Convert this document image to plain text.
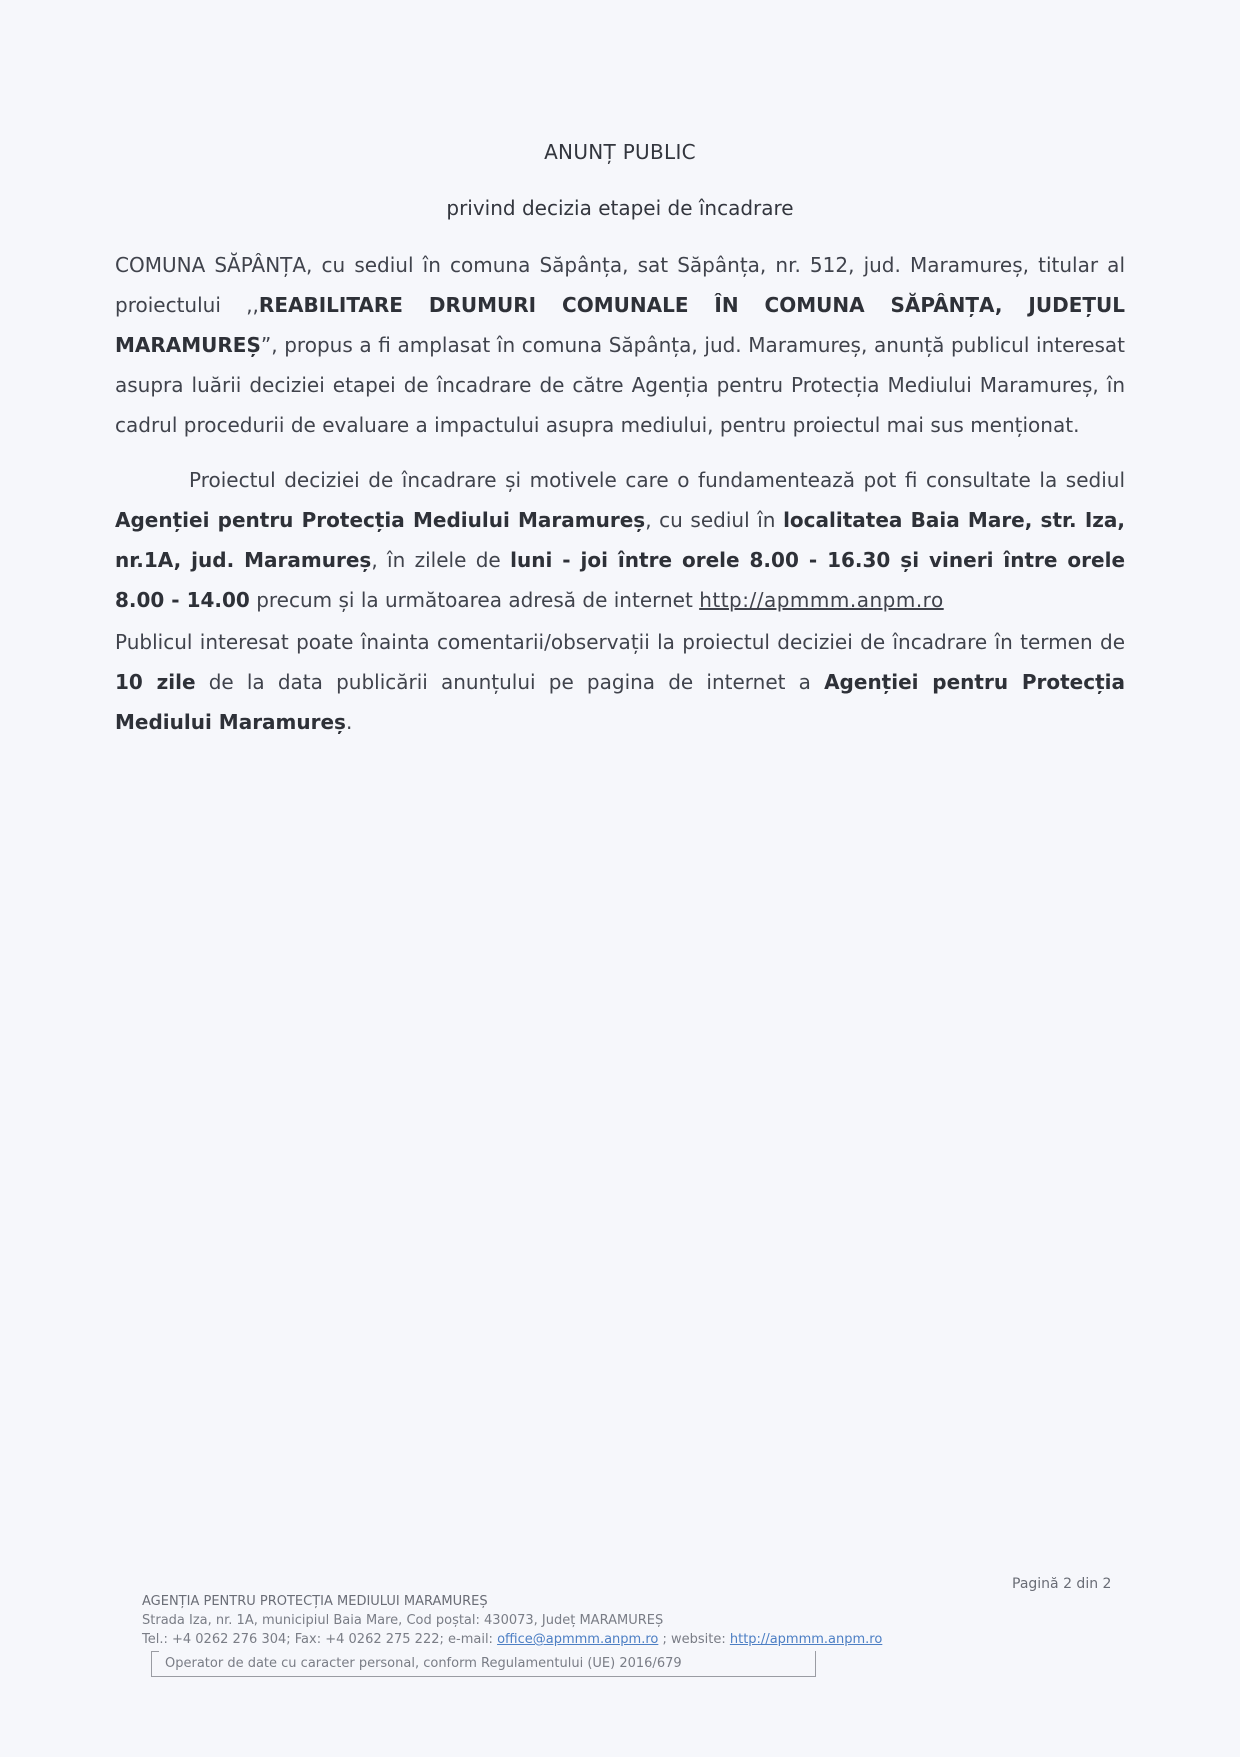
ANUNȚ PUBLIC
privind decizia etapei de încadrare
COMUNA SĂPÂNȚA, cu sediul în comuna Săpânța, sat Săpânța, nr. 512, jud. Maramureș, titular al proiectului ,,REABILITARE DRUMURI COMUNALE ÎN COMUNA SĂPÂNȚA, JUDEȚUL MARAMUREȘ”, propus a fi amplasat în comuna Săpânța, jud. Maramureș, anunță publicul interesat asupra luării deciziei etapei de încadrare de către Agenția pentru Protecția Mediului Maramureș, în cadrul procedurii de evaluare a impactului asupra mediului, pentru proiectul mai sus menționat.
Proiectul deciziei de încadrare și motivele care o fundamentează pot fi consultate la sediul Agenției pentru Protecția Mediului Maramureș, cu sediul în localitatea Baia Mare, str. Iza, nr.1A, jud. Maramureș, în zilele de luni - joi între orele 8.00 - 16.30 și vineri între orele 8.00 - 14.00 precum și la următoarea adresă de internet http://apmmm.anpm.ro
Publicul interesat poate înainta comentarii/observații la proiectul deciziei de încadrare în termen de 10 zile de la data publicării anunțului pe pagina de internet a Agenției pentru Protecția Mediului Maramureș.
Pagină 2 din 2
AGENȚIA PENTRU PROTECȚIA MEDIULUI MARAMUREȘ
Strada Iza, nr. 1A, municipiul Baia Mare, Cod poștal: 430073, Județ MARAMUREȘ
Tel.: +4 0262 276 304; Fax: +4 0262 275 222; e-mail: office@apmmm.anpm.ro ; website: http://apmmm.anpm.ro
Operator de date cu caracter personal, conform Regulamentului (UE) 2016/679
